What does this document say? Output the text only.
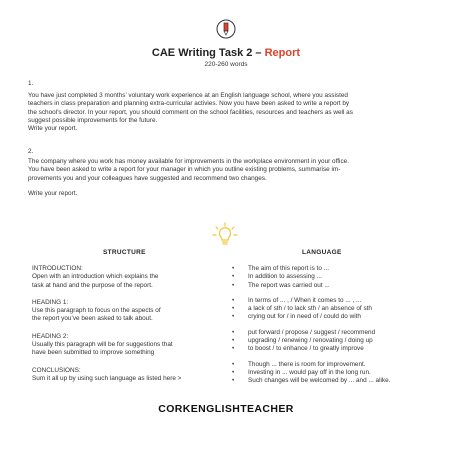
CAE Writing Task 2 – Report
220-260 words
1.

You have just completed 3 months’ voluntary work experience at an English language school, where you assisted

teachers in class preparation and planning extra-curricular activies. Now you have been asked to write a report by

the school’s director. In your report, you should comment on the school facilities, resources and teachers as well as

suggest possible improvements for the future.

Write your report.
2.

The company where you work has money available for improvements in the workplace environment in your office.

You have been asked to write a report for your manager in which you outline existing problems, summarise im-

provements you and your colleagues have suggested and recommend two changes.

Write your report.
STRUCTURE	LANGUAGE
INTRODUCTION:
Open with an introduction which explains the
task at hand and the purpose of the report.
HEADING 1:
Use this paragraph to focus on the aspects of
the report you’ve been asked to talk about.
HEADING 2:
Usually this paragraph will be for suggestions that
have been submitted to improve something
CONCLUSIONS:
Sum it all up by using such language as listed here >
•	The aim of this report is to ...
•	In addition to assessing ...
•	The report was carried out ...
•	In terms of ... , / When it comes to ... , ...
•	a lack of sth / to lack sth / an absence of sth
•	crying out for / in need of / could do with
•	put forward / propose / suggest / recommend
•	upgrading / renewing / renovating / doing up
•	to boost / to enhance / to greatly improve
•	Though ... there is room for improvement.
•	Investing in ... would pay off in the long run.
•	Such changes will be welcomed by ... and ... alike.
CORKENGLISHTEACHER
